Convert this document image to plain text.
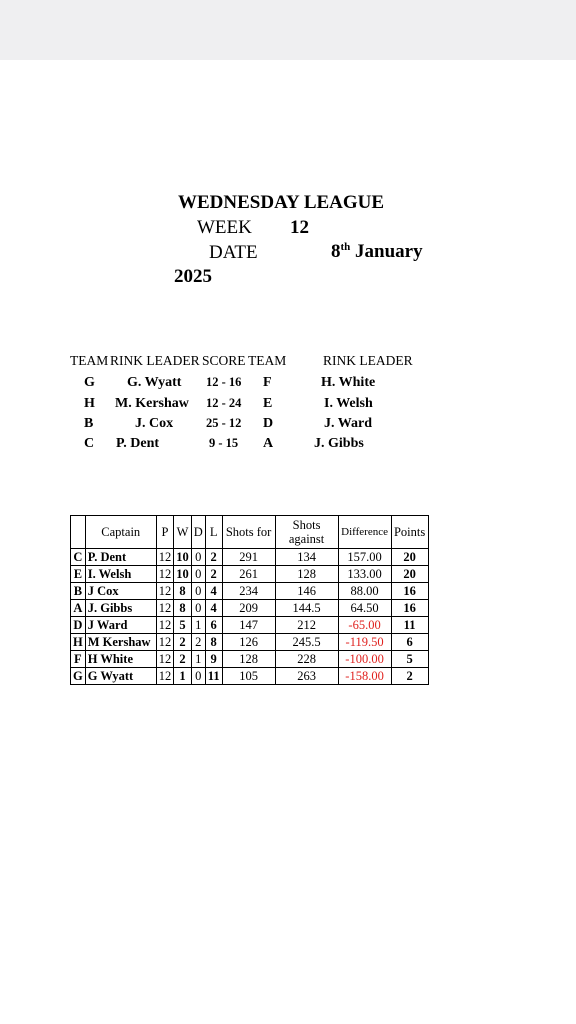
WEDNESDAY LEAGUE
WEEK 12
DATE	8th January
2025
TEAM RINK LEADER SCORE TEAM	RINK LEADER
G G. Wyatt 12 - 16 F	H. White
H M. Kershaw 12 - 24 E	I. Welsh
B	J. Cox	25 - 12 D	J. Ward
C P. Dent	9 - 15 A	J. Gibbs
	Captain	P	W	D	L	Shots for	Shots against	Difference	Points
C	P. Dent	12	10	0	2	291	134	157.00	20
E	I. Welsh	12	10	0	2	261	128	133.00	20
B	J Cox	12	8	0	4	234	146	88.00	16
A	J. Gibbs	12	8	0	4	209	144.5	64.50	16
D	J Ward	12	5	1	6	147	212	-65.00	11
H	M Kershaw	12	2	2	8	126	245.5	-119.50	6
F	H White	12	2	1	9	128	228	-100.00	5
G	G Wyatt	12	1	0	11	105	263	-158.00	2
